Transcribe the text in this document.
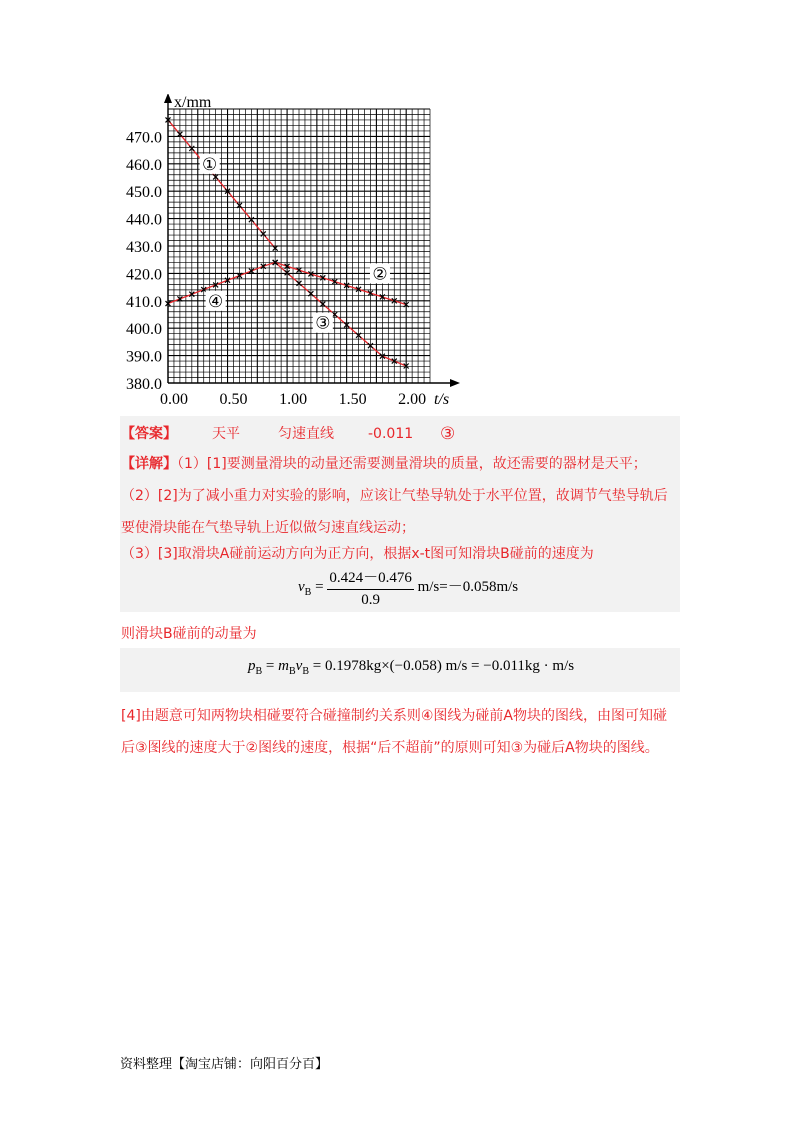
0.00 0.50 1.00 1.50 2.00
380.0
390.0
400.0
410.0
420.0
430.0
440.0
450.0
460.0
470.0
x/mm
t/s
①
②
③
④
【答案】	天平	匀速直线 -0.011 ③
【详解】（1）[1]要测量滑块的动量还需要测量滑块的质量，故还需要的器材是天平；
（2）[2]为了减小重力对实验的影响，应该让气垫导轨处于水平位置，故调节气垫导轨后
要使滑块能在气垫导轨上近似做匀速直线运动；
（3）[3]取滑块A碰前运动方向为正方向，根据x-t图可知滑块B碰前的速度为
$v_B = \frac{0.424-0.476}{0.9} m/s=-0.058m/s$
则滑块B碰前的动量为
$p_B = m_Bv_B = 0.1978kg\times(-0.058) m/s = -0.011kg \cdot m/s$
[4]由题意可知两物块相碰要符合碰撞制约关系则④图线为碰前A物块的图线，由图可知碰
后③图线的速度大于②图线的速度，根据“后不超前”的原则可知③为碰后A物块的图线。
资料整理【淘宝店铺：向阳百分百】
